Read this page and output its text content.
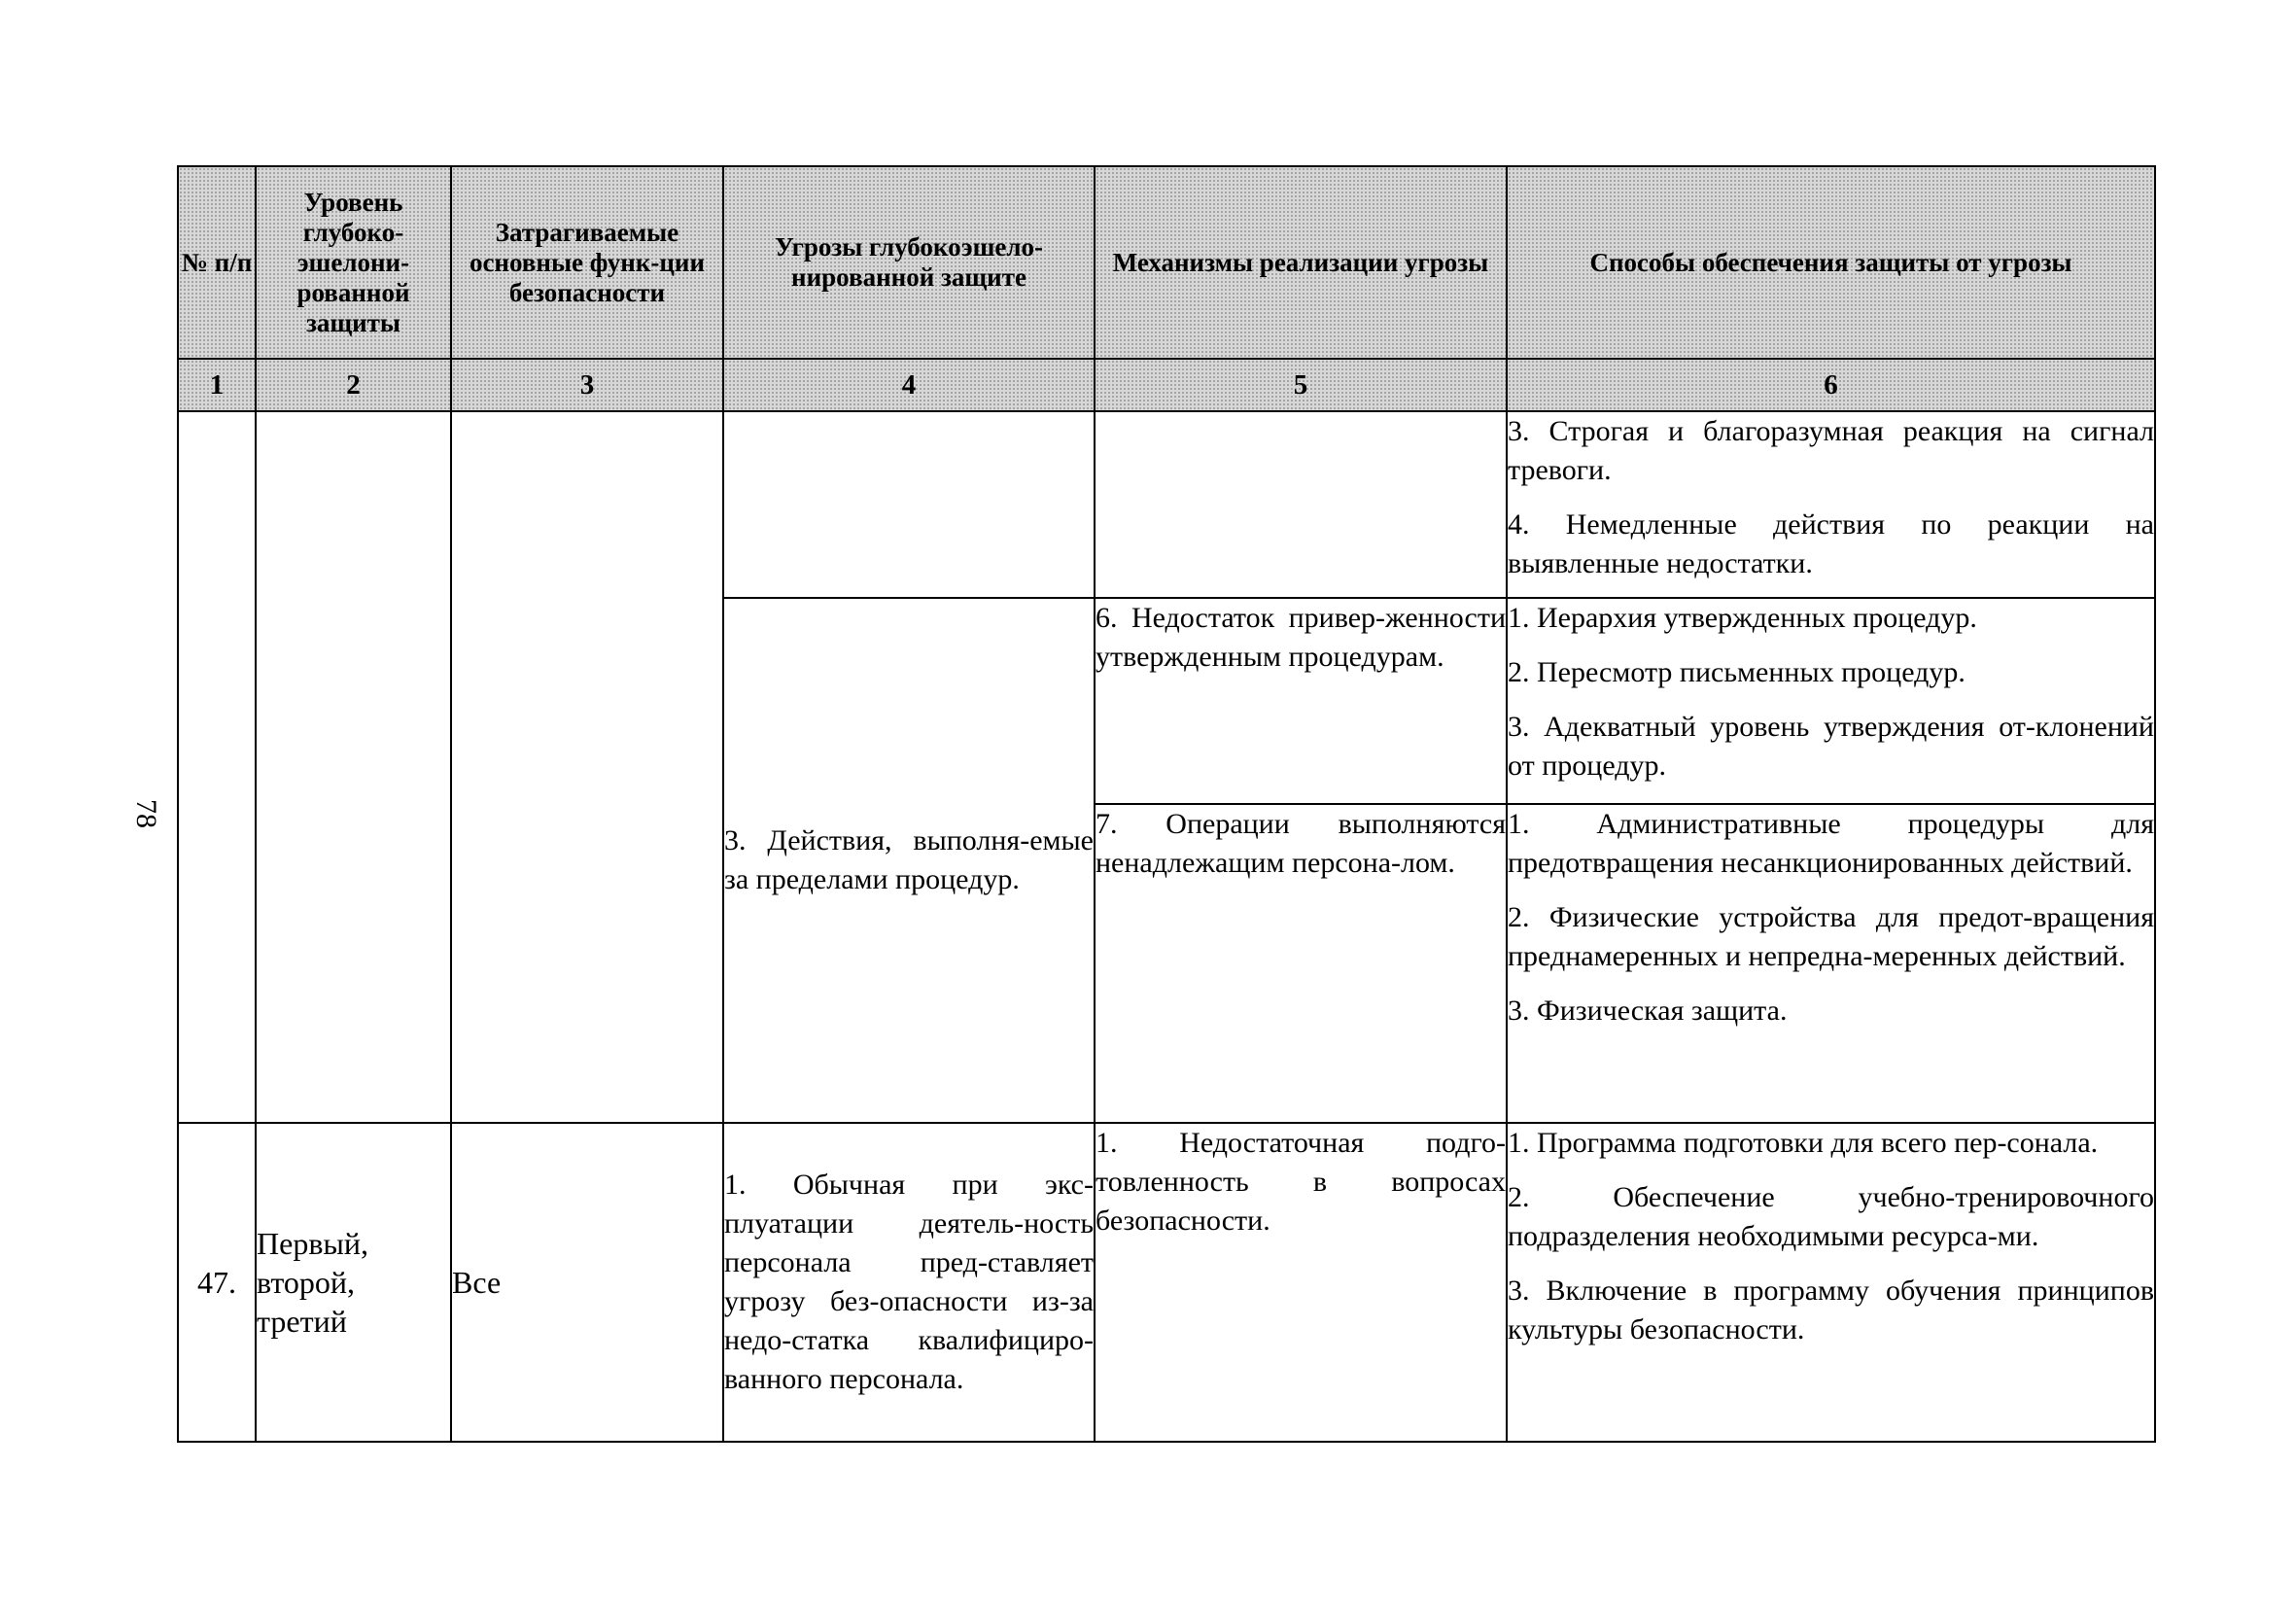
78
№ п/п	Уровень глубоко-эшелони-рованной защиты	Затрагиваемые основные функ-ции безопасности	Угрозы глубокоэшело-нированной защите	Механизмы реализации угрозы	Способы обеспечения защиты от угрозы
1	2	3	4	5	6

					3. Строгая и благоразумная реакция на сигнал тревоги.

4. Немедленные действия по реакции на выявленные недостатки.

			3. Действия, выполня-емые за пределами процедур.	6. Недостаток привер-женности утвержденным процедурам.	1. Иерархия утвержденных процедур.

2. Пересмотр письменных процедур.

3. Адекватный уровень утверждения от-клонений от процедур.

				7. Операции выполняются ненадлежащим персона-лом.	1. Административные процедуры для предотвращения несанкционированных действий.

2. Физические устройства для предот-вращения преднамеренных и непредна-меренных действий.

3. Физическая защита.

47.	Первый, второй, третий	Все	1. Обычная при экс-плуатации деятель-ность персонала пред-ставляет угрозу без-опасности из-за недо-статка квалифициро-ванного персонала.	1. Недостаточная подго-товленность в вопросах безопасности.	1. Программа подготовки для всего пер-сонала.

2. Обеспечение учебно-тренировочного подразделения необходимыми ресурса-ми.

3. Включение в программу обучения принципов культуры безопасности.
